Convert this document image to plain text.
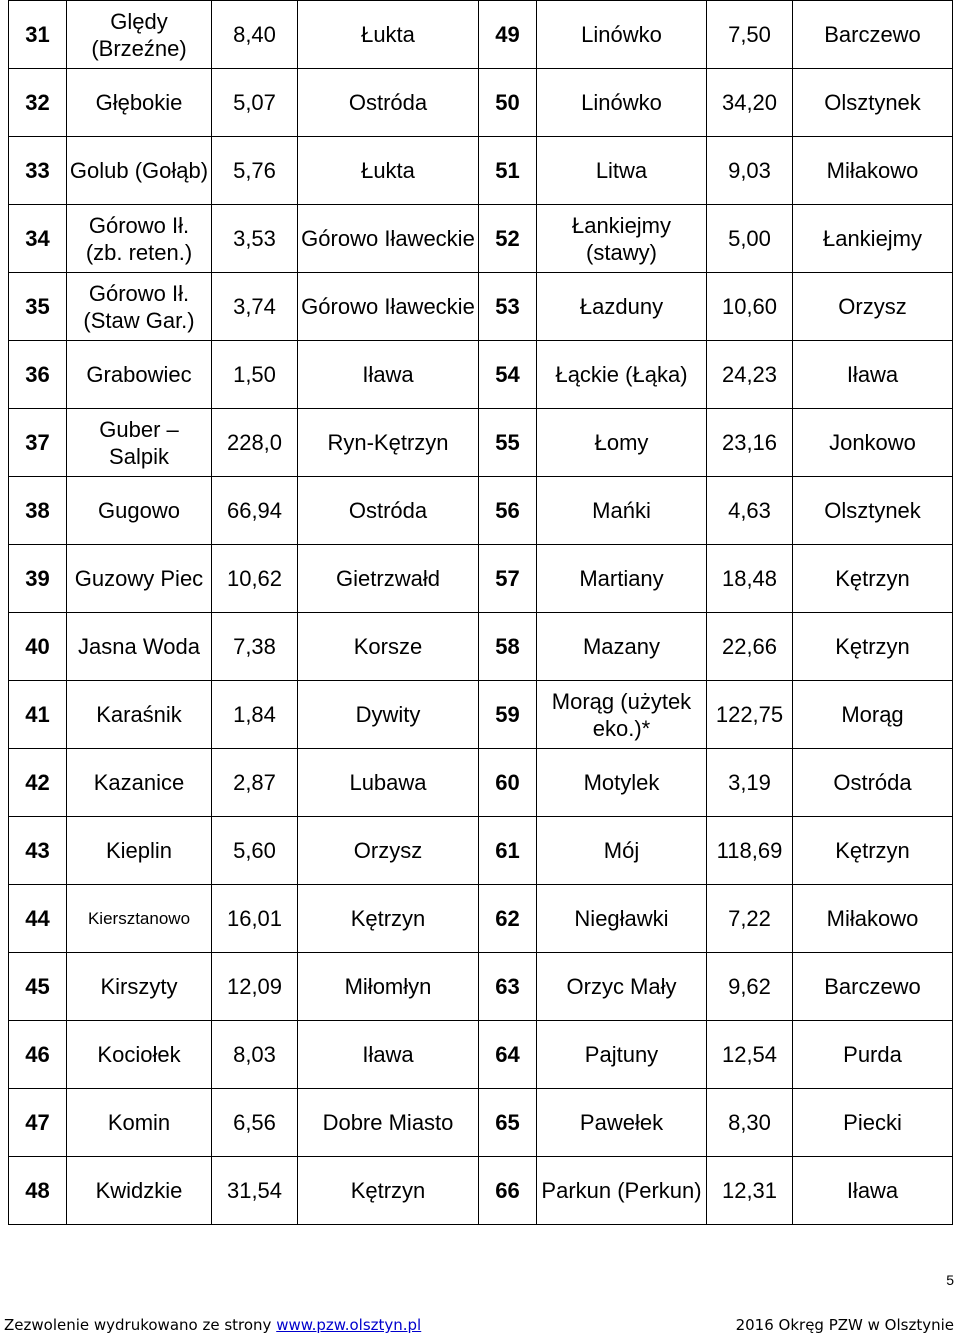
31	Ględy (Brzeźne)	8,40	Łukta	49	Linówko	7,50	Barczewo
32	Głębokie	5,07	Ostróda	50	Linówko	34,20	Olsztynek
33	Golub (Gołąb)	5,76	Łukta	51	Litwa	9,03	Miłakowo
34	Górowo Ił. (zb. reten.)	3,53	Górowo Iławeckie	52	Łankiejmy (stawy)	5,00	Łankiejmy
35	Górowo Ił. (Staw Gar.)	3,74	Górowo Iławeckie	53	Łazduny	10,60	Orzysz
36	Grabowiec	1,50	Iława	54	Łąckie (Łąka)	24,23	Iława
37	Guber – Salpik	228,0	Ryn-Kętrzyn	55	Łomy	23,16	Jonkowo
38	Gugowo	66,94	Ostróda	56	Mańki	4,63	Olsztynek
39	Guzowy Piec	10,62	Gietrzwałd	57	Martiany	18,48	Kętrzyn
40	Jasna Woda	7,38	Korsze	58	Mazany	22,66	Kętrzyn
41	Karaśnik	1,84	Dywity	59	Morąg (użytek eko.)*	122,75	Morąg
42	Kazanice	2,87	Lubawa	60	Motylek	3,19	Ostróda
43	Kieplin	5,60	Orzysz	61	Mój	118,69	Kętrzyn
44	Kiersztanowo	16,01	Kętrzyn	62	Niegławki	7,22	Miłakowo
45	Kirszyty	12,09	Miłomłyn	63	Orzyc Mały	9,62	Barczewo
46	Kociołek	8,03	Iława	64	Pajtuny	12,54	Purda
47	Komin	6,56	Dobre Miasto	65	Pawełek	8,30	Piecki
48	Kwidzkie	31,54	Kętrzyn	66	Parkun (Perkun)	12,31	Iława
5
Zezwolenie wydrukowano ze strony www.pzw.olsztyn.pl	2016 Okręg PZW w Olsztynie
